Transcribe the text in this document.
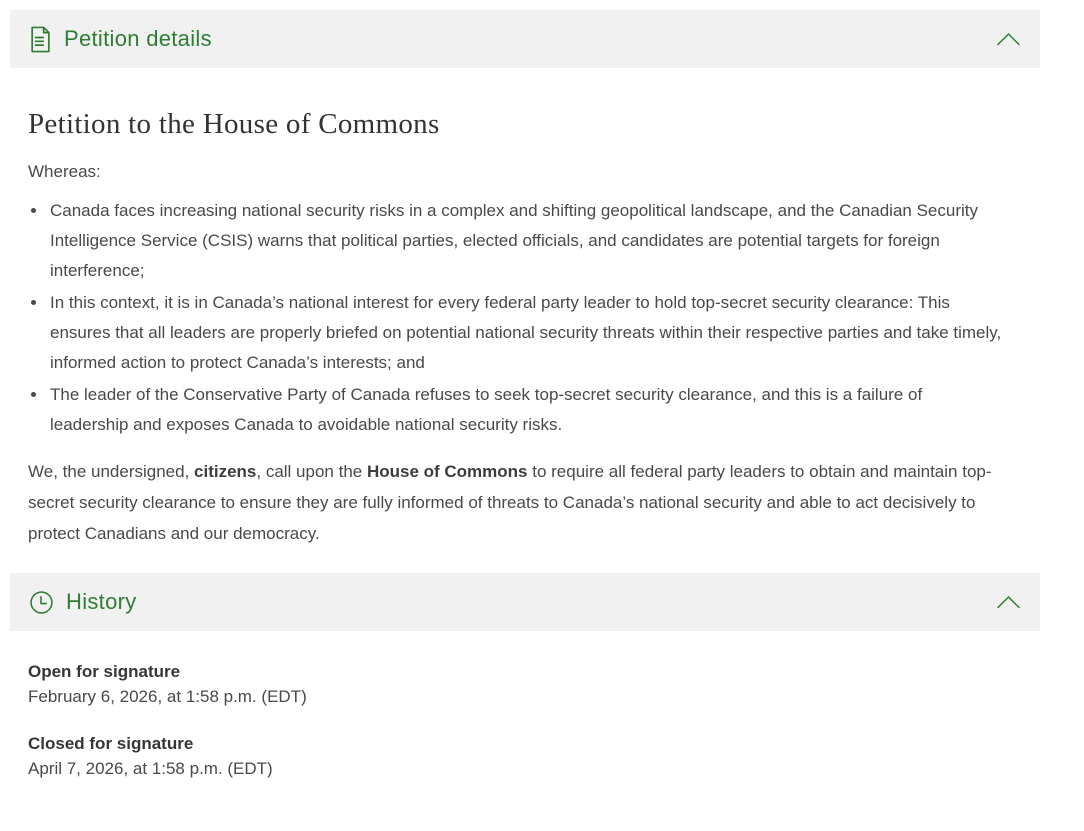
Petition details
Petition to the House of Commons

Whereas:

• Canada faces increasing national security risks in a complex and shifting geopolitical landscape, and the Canadian Security Intelligence Service (CSIS) warns that political parties, elected officials, and candidates are potential targets for foreign interference;
• In this context, it is in Canada’s national interest for every federal party leader to hold top-secret security clearance: This ensures that all leaders are properly briefed on potential national security threats within their respective parties and take timely, informed action to protect Canada’s interests; and
• The leader of the Conservative Party of Canada refuses to seek top-secret security clearance, and this is a failure of leadership and exposes Canada to avoidable national security risks.

We, the undersigned, citizens, call upon the House of Commons to require all federal party leaders to obtain and maintain top-secret security clearance to ensure they are fully informed of threats to Canada’s national security and able to act decisively to protect Canadians and our democracy.

History
Open for signature
February 6, 2026, at 1:58 p.m. (EDT)
Closed for signature
April 7, 2026, at 1:58 p.m. (EDT)
